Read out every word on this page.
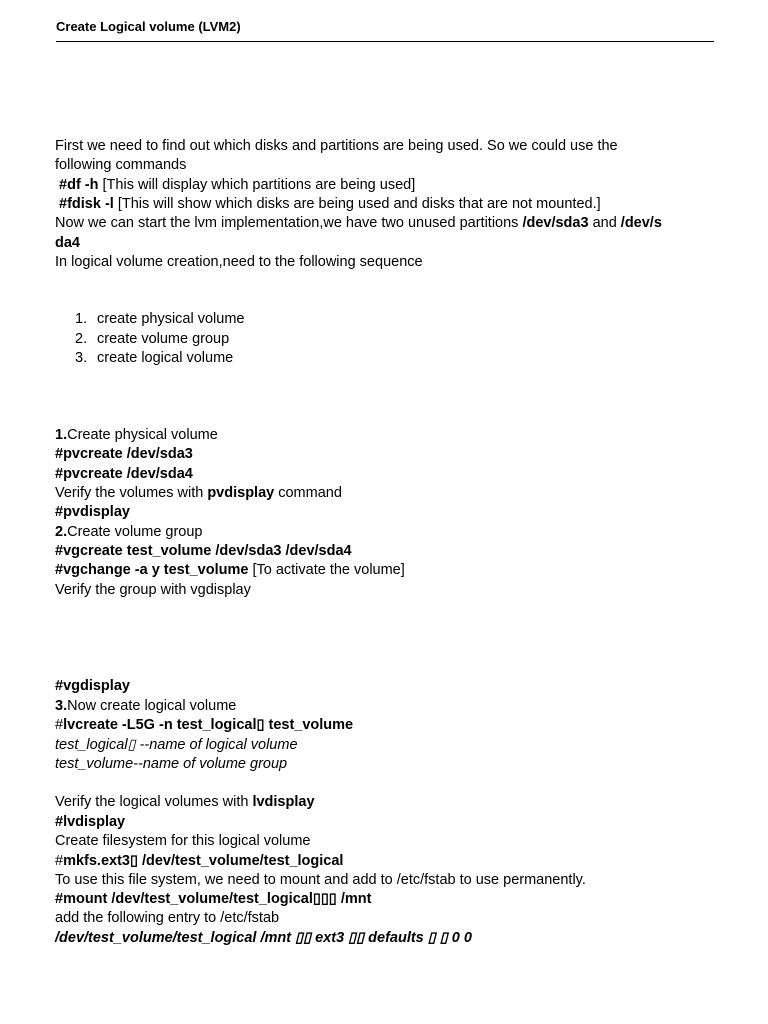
Create Logical volume (LVM2)
First we need to find out which disks and partitions are being used. So we could use the
following commands
#df -h [This will display which partitions are being used]
#fdisk -l [This will show which disks are being used and disks that are not mounted.]
Now we can start the lvm implementation,we have two unused partitions /dev/sda3 and /dev/s
da4
In logical volume creation,need to the following sequence
1. create physical volume
2. create volume group
3. create logical volume
1.Create physical volume
#pvcreate /dev/sda3
#pvcreate /dev/sda4
Verify the volumes with pvdisplay command
#pvdisplay
2.Create volume group
#vgcreate test_volume /dev/sda3 /dev/sda4
#vgchange -a y test_volume [To activate the volume]
Verify the group with vgdisplay
#vgdisplay
3.Now create logical volume
#lvcreate -L5G -n test_logical▯ test_volume
test_logical▯ --name of logical volume
test_volume--name of volume group
Verify the logical volumes with lvdisplay
#lvdisplay
Create filesystem for this logical volume
#mkfs.ext3▯ /dev/test_volume/test_logical
To use this file system, we need to mount and add to /etc/fstab to use permanently.
#mount /dev/test_volume/test_logical▯▯▯ /mnt
add the following entry to /etc/fstab
/dev/test_volume/test_logical /mnt ▯▯ ext3 ▯▯ defaults ▯ ▯ 0 0
